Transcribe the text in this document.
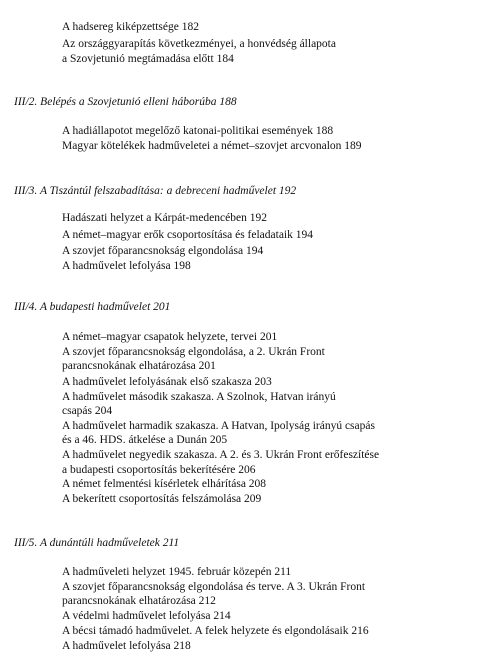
A hadsereg kiképzettsége 182
Az országgyarapítás következményei, a honvédség állapota
a Szovjetunió megtámadása előtt 184
III/2. Belépés a Szovjetunió elleni háborúba 188
A hadiállapotot megelőző katonai-politikai események 188
Magyar kötelékek hadműveletei a német–szovjet arcvonalon 189
III/3. A Tiszántúl felszabadítása: a debreceni hadművelet 192
Hadászati helyzet a Kárpát-medencében 192
A német–magyar erők csoportosítása és feladataik 194
A szovjet főparancsnokság elgondolása 194
A hadművelet lefolyása 198
III/4. A budapesti hadművelet 201
A német–magyar csapatok helyzete, tervei 201
A szovjet főparancsnokság elgondolása, a 2. Ukrán Front
parancsnokának elhatározása 201
A hadművelet lefolyásának első szakasza 203
A hadművelet második szakasza. A Szolnok, Hatvan irányú
csapás 204
A hadművelet harmadik szakasza. A Hatvan, Ipolyság irányú csapás
és a 46. HDS. átkelése a Dunán 205
A hadművelet negyedik szakasza. A 2. és 3. Ukrán Front erőfeszítése
a budapesti csoportosítás bekerítésére 206
A német felmentési kísérletek elhárítása 208
A bekerített csoportosítás felszámolása 209
III/5. A dunántúli hadműveletek 211
A hadműveleti helyzet 1945. február közepén 211
A szovjet főparancsnokság elgondolása és terve. A 3. Ukrán Front
parancsnokának elhatározása 212
A védelmi hadművelet lefolyása 214
A bécsi támadó hadművelet. A felek helyzete és elgondolásaik 216
A hadművelet lefolyása 218
